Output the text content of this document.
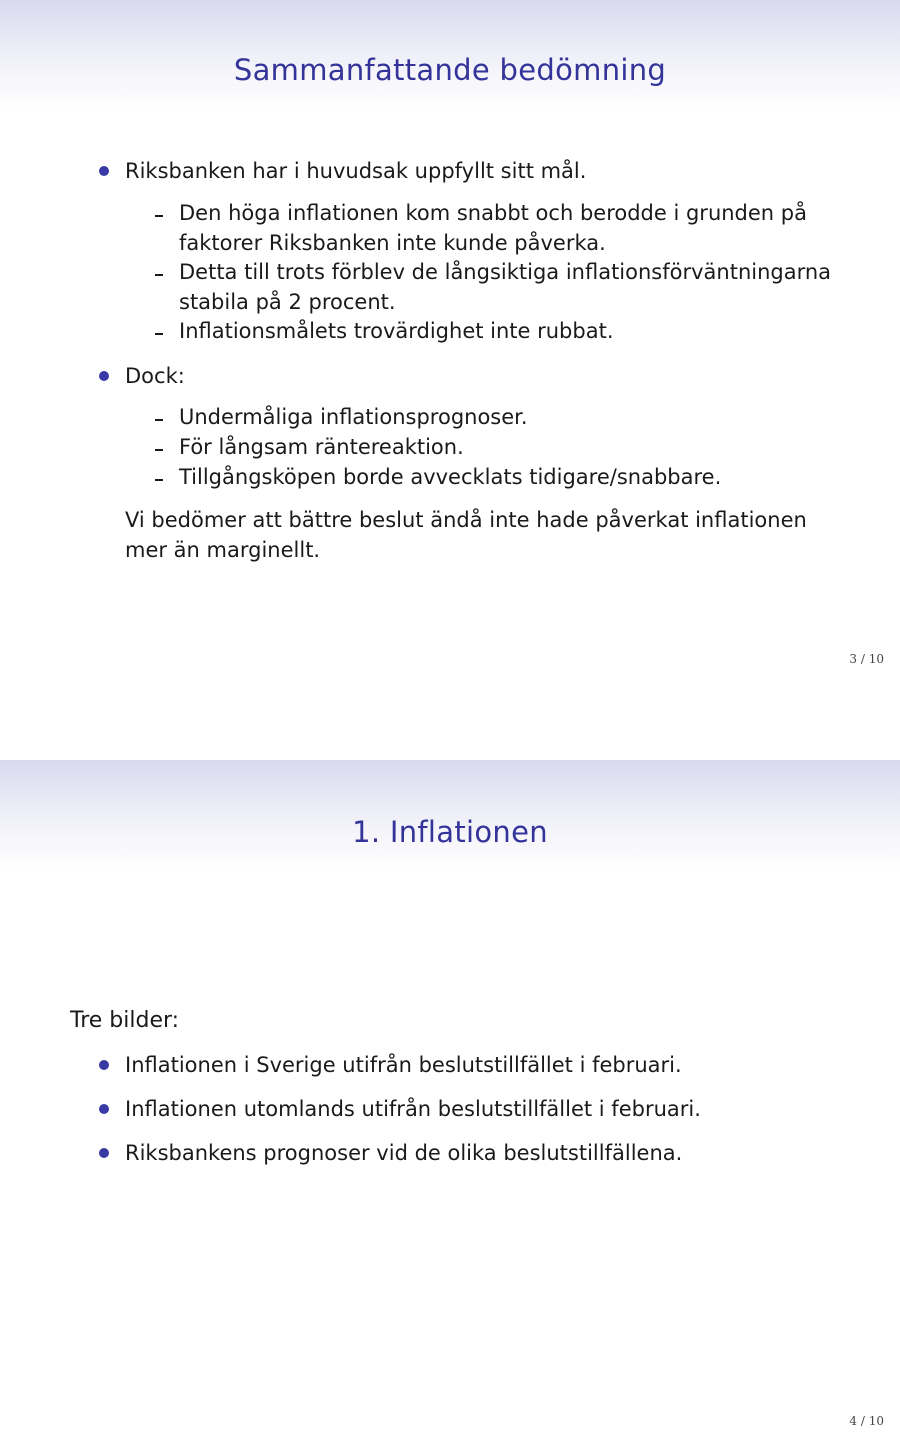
Sammanfattande bedömning
Riksbanken har i huvudsak uppfyllt sitt mål.
Den höga inflationen kom snabbt och berodde i grunden på
faktorer Riksbanken inte kunde påverka.
Detta till trots förblev de långsiktiga inflationsförväntningarna
stabila på 2 procent.
Inflationsmålets trovärdighet inte rubbat.
Dock:
Undermåliga inflationsprognoser.
För långsam räntereaktion.
Tillgångsköpen borde avvecklats tidigare/snabbare.
Vi bedömer att bättre beslut ändå inte hade påverkat inflationen
mer än marginellt.
3 / 10
1. Inflationen
Tre bilder:
Inflationen i Sverige utifrån beslutstillfället i februari.
Inflationen utomlands utifrån beslutstillfället i februari.
Riksbankens prognoser vid de olika beslutstillfällena.
4 / 10
